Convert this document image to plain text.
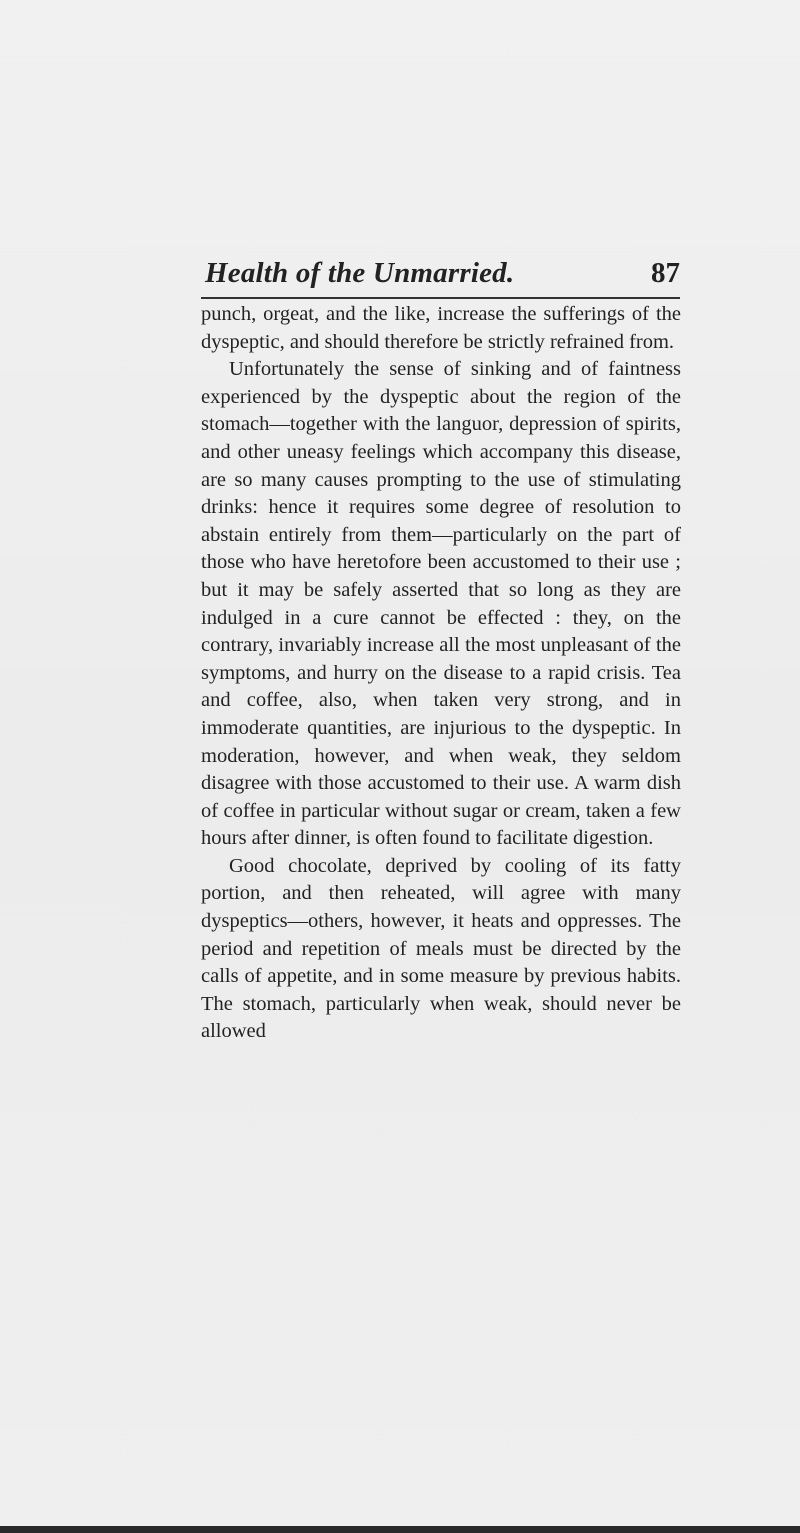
Health of the Unmarried.	87

punch, orgeat, and the like, increase the sufferings of the dyspeptic, and should therefore be strictly refrained from.

Unfortunately the sense of sinking and of faintness experienced by the dyspeptic about the region of the stomach—together with the languor, depression of spirits, and other uneasy feelings which accompany this disease, are so many causes prompting to the use of stimulating drinks: hence it requires some degree of resolution to abstain entirely from them—particularly on the part of those who have heretofore been accustomed to their use ; but it may be safely asserted that so long as they are indulged in a cure cannot be effected : they, on the contrary, invariably increase all the most unpleasant of the symptoms, and hurry on the disease to a rapid crisis. Tea and coffee, also, when taken very strong, and in immoderate quantities, are injurious to the dyspeptic. In moderation, however, and when weak, they seldom disagree with those accustomed to their use. A warm dish of coffee in particular without sugar or cream, taken a few hours after dinner, is often found to facilitate digestion.

Good chocolate, deprived by cooling of its fatty portion, and then reheated, will agree with many dyspeptics—others, however, it heats and oppresses. The period and repetition of meals must be directed by the calls of appetite, and in some measure by previous habits. The stomach, particularly when weak, should never be allowed
